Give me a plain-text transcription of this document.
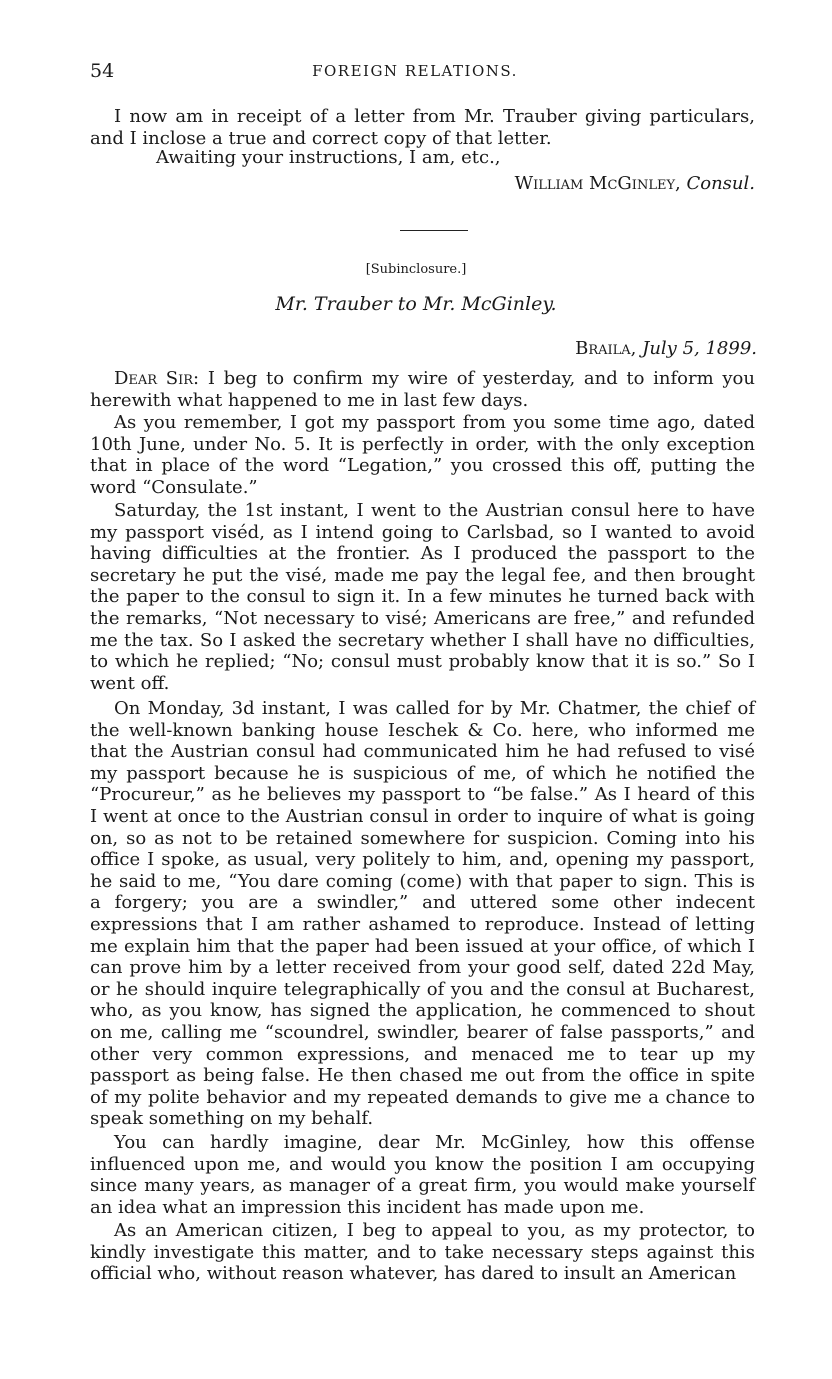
54	FOREIGN RELATIONS.
I now am in receipt of a letter from Mr. Trauber giving particulars, and I inclose a true and correct copy of that letter.
Awaiting your instructions, I am, etc.,
William McGinley, Consul.
[Subinclosure.]
Mr. Trauber to Mr. McGinley.
Braila, July 5, 1899.
Dear Sir: I beg to confirm my wire of yesterday, and to inform you herewith what happened to me in last few days.
As you remember, I got my passport from you some time ago, dated 10th June, under No. 5. It is perfectly in order, with the only exception that in place of the word “Legation,” you crossed this off, putting the word “Consulate.”
Saturday, the 1st instant, I went to the Austrian consul here to have my passport viséd, as I intend going to Carlsbad, so I wanted to avoid having difficulties at the frontier. As I produced the passport to the secretary he put the visé, made me pay the legal fee, and then brought the paper to the consul to sign it. In a few minutes he turned back with the remarks, “Not necessary to visé; Americans are free,” and refunded me the tax. So I asked the secretary whether I shall have no difficulties, to which he replied; “No; consul must probably know that it is so.” So I went off.
On Monday, 3d instant, I was called for by Mr. Chatmer, the chief of the well-known banking house Ieschek & Co. here, who informed me that the Austrian consul had communicated him he had refused to visé my passport because he is suspicious of me, of which he notified the “Procureur,” as he believes my passport to “be false.” As I heard of this I went at once to the Austrian consul in order to inquire of what is going on, so as not to be retained somewhere for suspicion. Coming into his office I spoke, as usual, very politely to him, and, opening my passport, he said to me, “You dare coming (come) with that paper to sign. This is a forgery; you are a swindler,” and uttered some other indecent expressions that I am rather ashamed to reproduce. Instead of letting me explain him that the paper had been issued at your office, of which I can prove him by a letter received from your good self, dated 22d May, or he should inquire telegraphically of you and the consul at Bucharest, who, as you know, has signed the application, he commenced to shout on me, calling me “scoundrel, swindler, bearer of false passports,” and other very common expressions, and menaced me to tear up my passport as being false. He then chased me out from the office in spite of my polite behavior and my repeated demands to give me a chance to speak something on my behalf.
You can hardly imagine, dear Mr. McGinley, how this offense influenced upon me, and would you know the position I am occupying since many years, as manager of a great firm, you would make yourself an idea what an impression this incident has made upon me.
As an American citizen, I beg to appeal to you, as my protector, to kindly investigate this matter, and to take necessary steps against this official who, without reason whatever, has dared to insult an American
